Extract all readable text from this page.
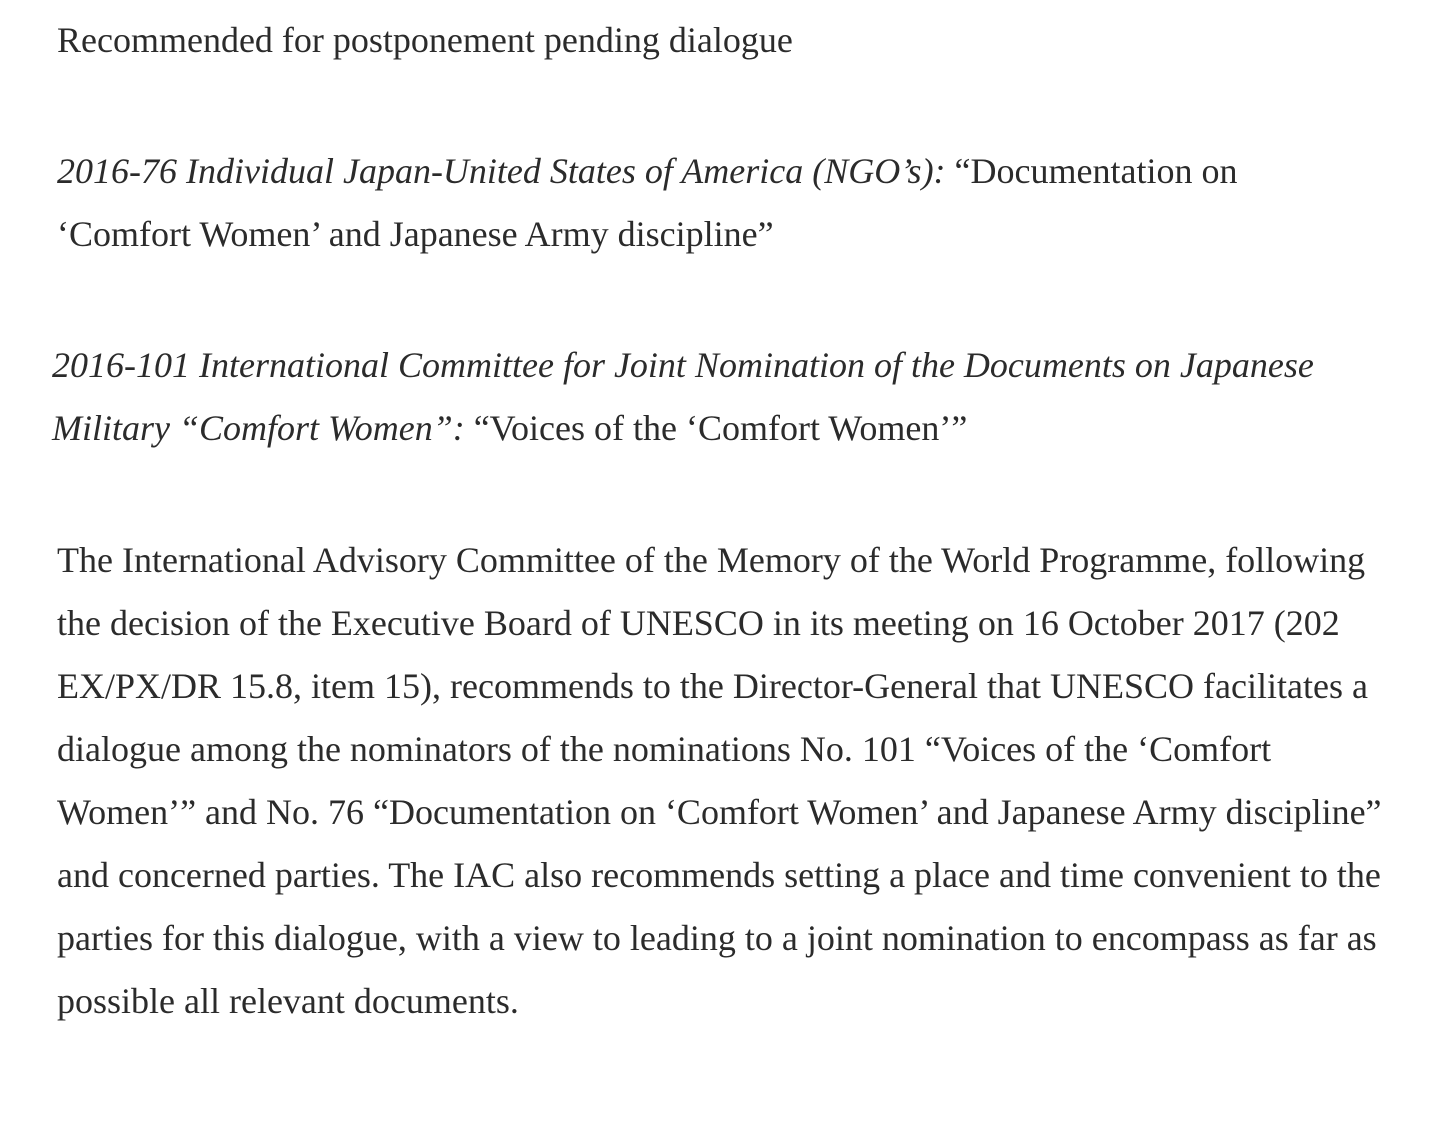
Recommended for postponement pending dialogue

2016-76 Individual Japan-United States of America (NGO’s): “Documentation on ‘Comfort Women’ and Japanese Army discipline”

2016-101 International Committee for Joint Nomination of the Documents on Japanese Military “Comfort Women”: “Voices of the ‘Comfort Women’”

The International Advisory Committee of the Memory of the World Programme, following the decision of the Executive Board of UNESCO in its meeting on 16 October 2017 (202 EX/PX/DR 15.8, item 15), recommends to the Director-General that UNESCO facilitates a dialogue among the nominators of the nominations No. 101 “Voices of the ‘Comfort Women’” and No. 76 “Documentation on ‘Comfort Women’ and Japanese Army discipline” and concerned parties. The IAC also recommends setting a place and time convenient to the parties for this dialogue, with a view to leading to a joint nomination to encompass as far as possible all relevant documents.
